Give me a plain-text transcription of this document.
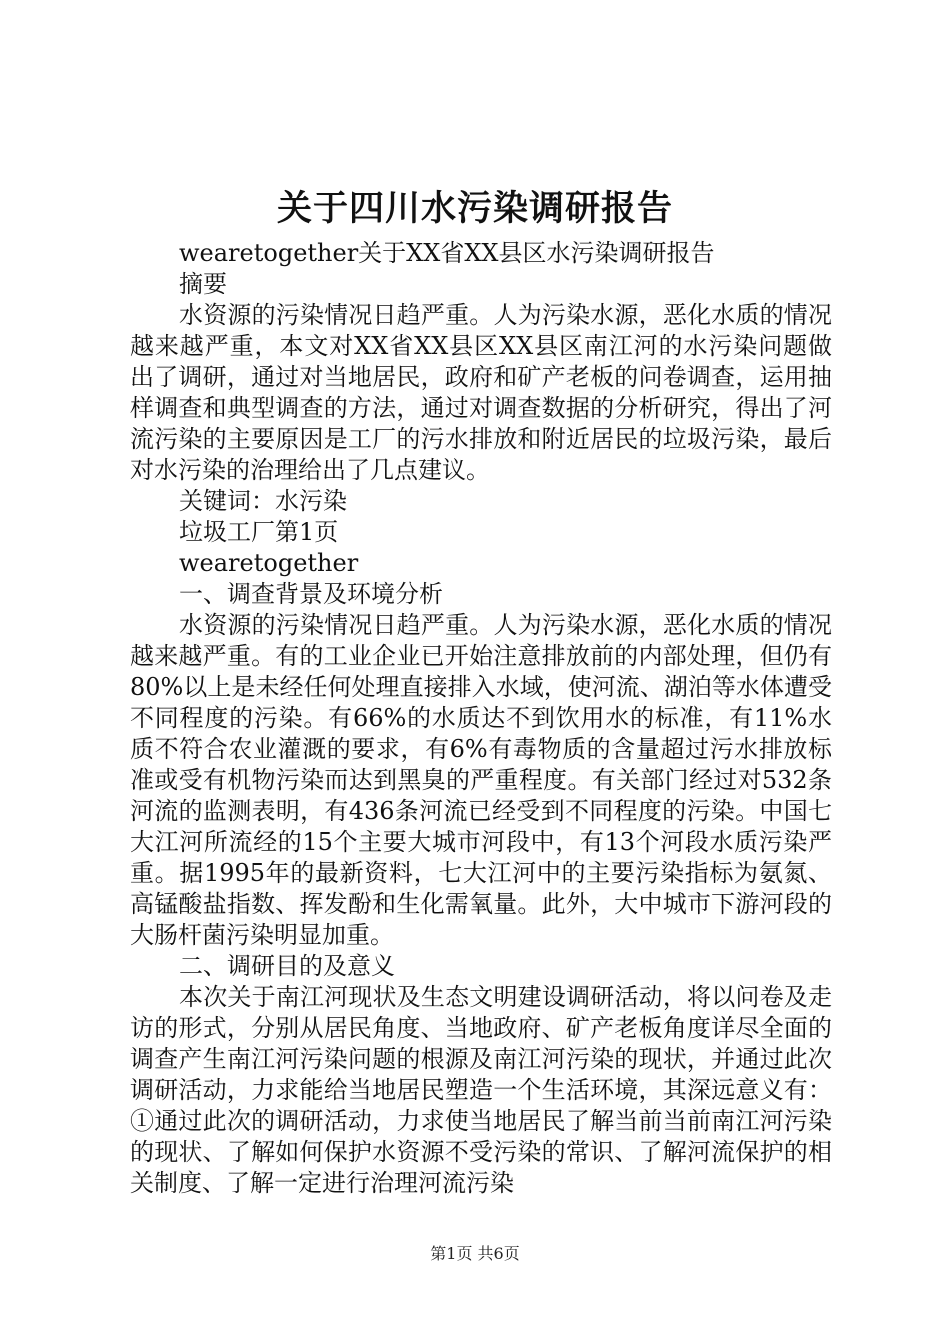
关于四川水污染调研报告

wearetogether关于XX省XX县区水污染调研报告

摘要

水资源的污染情况日趋严重。人为污染水源，恶化水质的情况越来越严重，本文对XX省XX县区XX县区南江河的水污染问题做出了调研，通过对当地居民，政府和矿产老板的问卷调查，运用抽样调查和典型调查的方法，通过对调查数据的分析研究，得出了河流污染的主要原因是工厂的污水排放和附近居民的垃圾污染，最后对水污染的治理给出了几点建议。

关键词：水污染

垃圾工厂第1页

wearetogether

一、调查背景及环境分析

水资源的污染情况日趋严重。人为污染水源，恶化水质的情况越来越严重。有的工业企业已开始注意排放前的内部处理，但仍有80%以上是未经任何处理直接排入水域，使河流、湖泊等水体遭受不同程度的污染。有66%的水质达不到饮用水的标准，有11%水质不符合农业灌溉的要求，有6%有毒物质的含量超过污水排放标准或受有机物污染而达到黑臭的严重程度。有关部门经过对532条河流的监测表明，有436条河流已经受到不同程度的污染。中国七大江河所流经的15个主要大城市河段中，有13个河段水质污染严重。据1995年的最新资料，七大江河中的主要污染指标为氨氮、高锰酸盐指数、挥发酚和生化需氧量。此外，大中城市下游河段的大肠杆菌污染明显加重。

二、调研目的及意义

本次关于南江河现状及生态文明建设调研活动，将以问卷及走访的形式，分别从居民角度、当地政府、矿产老板角度详尽全面的调查产生南江河污染问题的根源及南江河污染的现状，并通过此次调研活动，力求能给当地居民塑造一个生活环境，其深远意义有：①通过此次的调研活动，力求使当地居民了解当前当前南江河污染的现状、了解如何保护水资源不受污染的常识、了解河流保护的相关制度、了解一定进行治理河流污染

第1页 共6页
